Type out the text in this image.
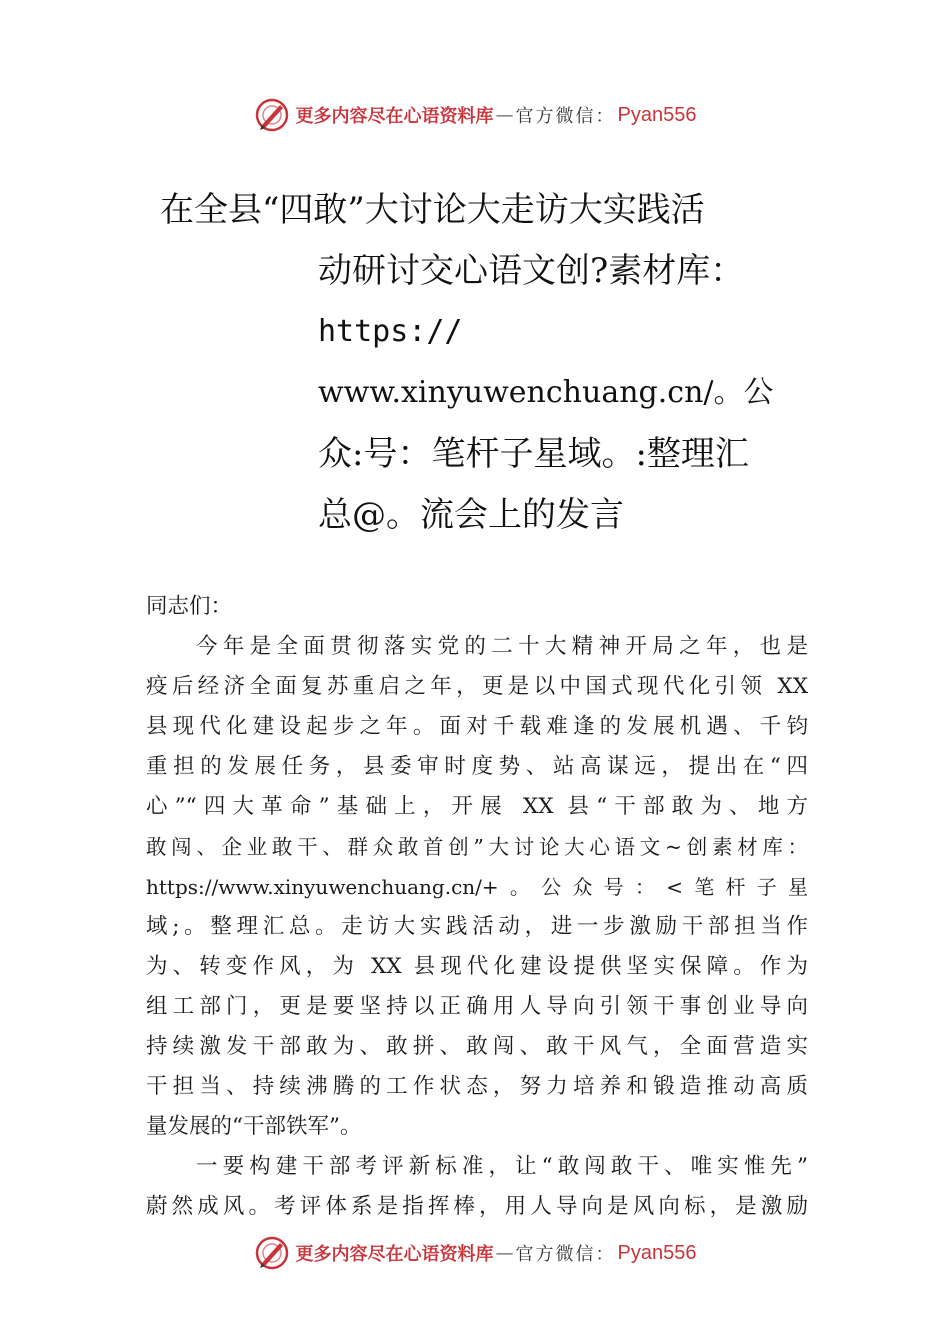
更多内容尽在心语资料库 — 官方微信： Pyan556
在全县“四敢”大讨论大走访大实践活
动研讨交心语文创?素材库：
https://
www.xinyuwenchuang.cn/。公
众:号：笔杆子星域。:整理汇
总@。流会上的发言
同志们：
今年是全面贯彻落实党的二十大精神开局之年，也是
疫后经济全面复苏重启之年，更是以中国式现代化引领 XX
县现代化建设起步之年。面对千载难逢的发展机遇、千钧
重担的发展任务，县委审时度势、站高谋远，提出在“四
心”“四大革命”基础上，开展 XX 县“干部敢为、地方
敢闯、企业敢干、群众敢首创”大讨论大心语文~创素材库：
https://www.xinyuwenchuang.cn/+。公众号：<笔杆子星
域;。整理汇总。走访大实践活动，进一步激励干部担当作
为、转变作风，为 XX 县现代化建设提供坚实保障。作为
组工部门，更是要坚持以正确用人导向引领干事创业导向
持续激发干部敢为、敢拼、敢闯、敢干风气，全面营造实
干担当、持续沸腾的工作状态，努力培养和锻造推动高质
量发展的“干部铁军”。
一要构建干部考评新标准，让“敢闯敢干、唯实惟先”
蔚然成风。考评体系是指挥棒，用人导向是风向标，是激励
更多内容尽在心语资料库 — 官方微信： Pyan556
